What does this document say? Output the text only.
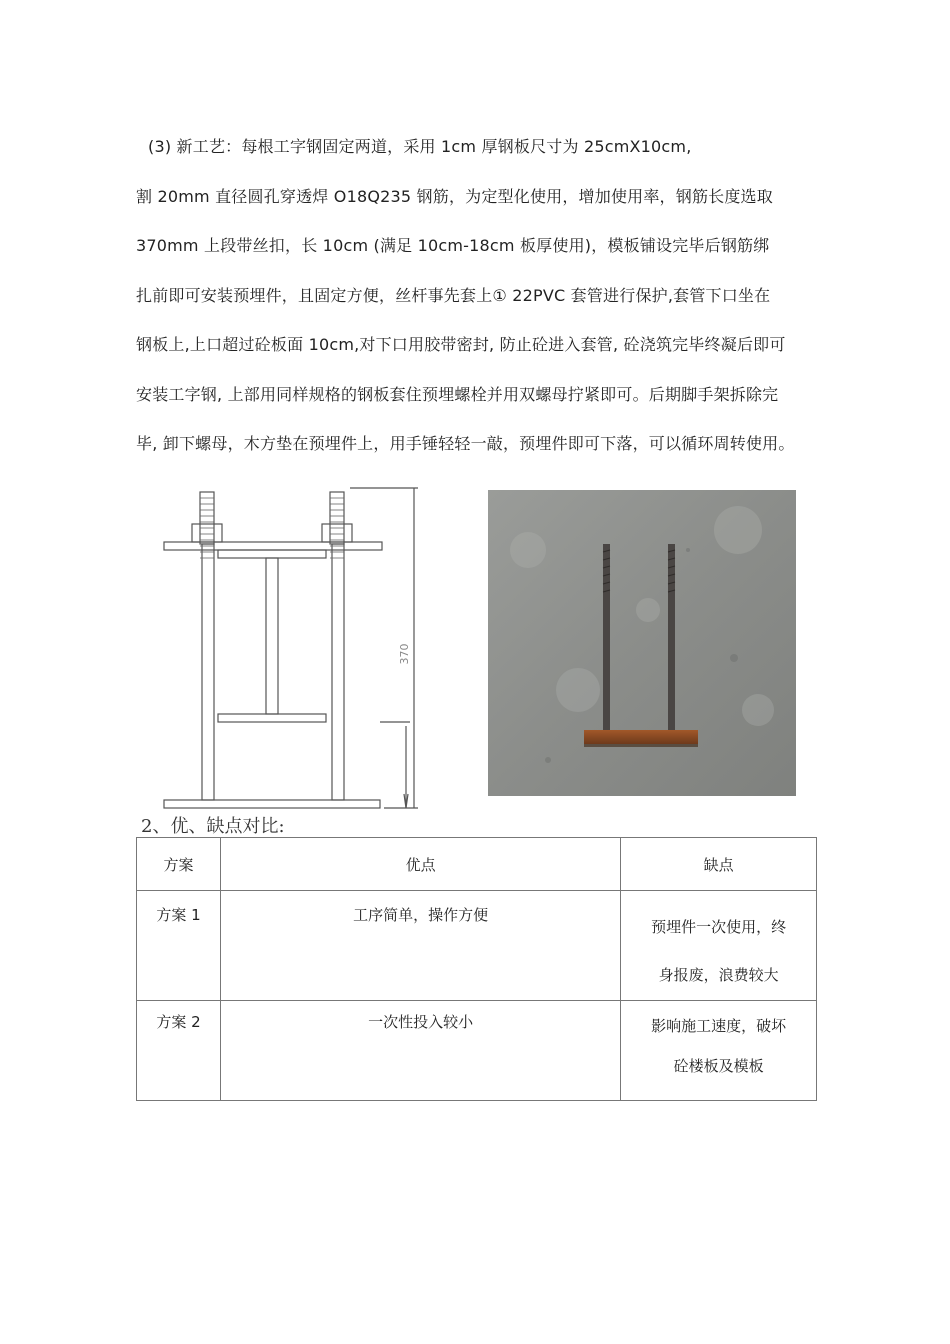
(3) 新工艺：每根工字钢固定两道，采用 1cm 厚钢板尺寸为 25cmX10cm,
割 20mm 直径圆孔穿透焊 O18Q235 钢筋，为定型化使用，增加使用率，钢筋长度选取
370mm 上段带丝扣，长 10cm (满足 10cm-18cm 板厚使用)，模板铺设完毕后钢筋绑
扎前即可安装预埋件，且固定方便，丝杆事先套上① 22PVC 套管进行保护,套管下口坐在
钢板上,上口超过砼板面 10cm,对下口用胶带密封, 防止砼进入套管, 砼浇筑完毕终凝后即可
安装工字钢, 上部用同样规格的钢板套住预埋螺栓并用双螺母拧紧即可。后期脚手架拆除完
毕, 卸下螺母，木方垫在预埋件上，用手锤轻轻一敲，预埋件即可下落，可以循环周转使用。
370
2、优、缺点对比:
方案	优点	缺点
方案 1	工序简单，操作方便	预埋件一次使用，终
身报废，浪费较大

方案 2	一次性投入较小	影响施工速度，破坏
砼楼板及模板
